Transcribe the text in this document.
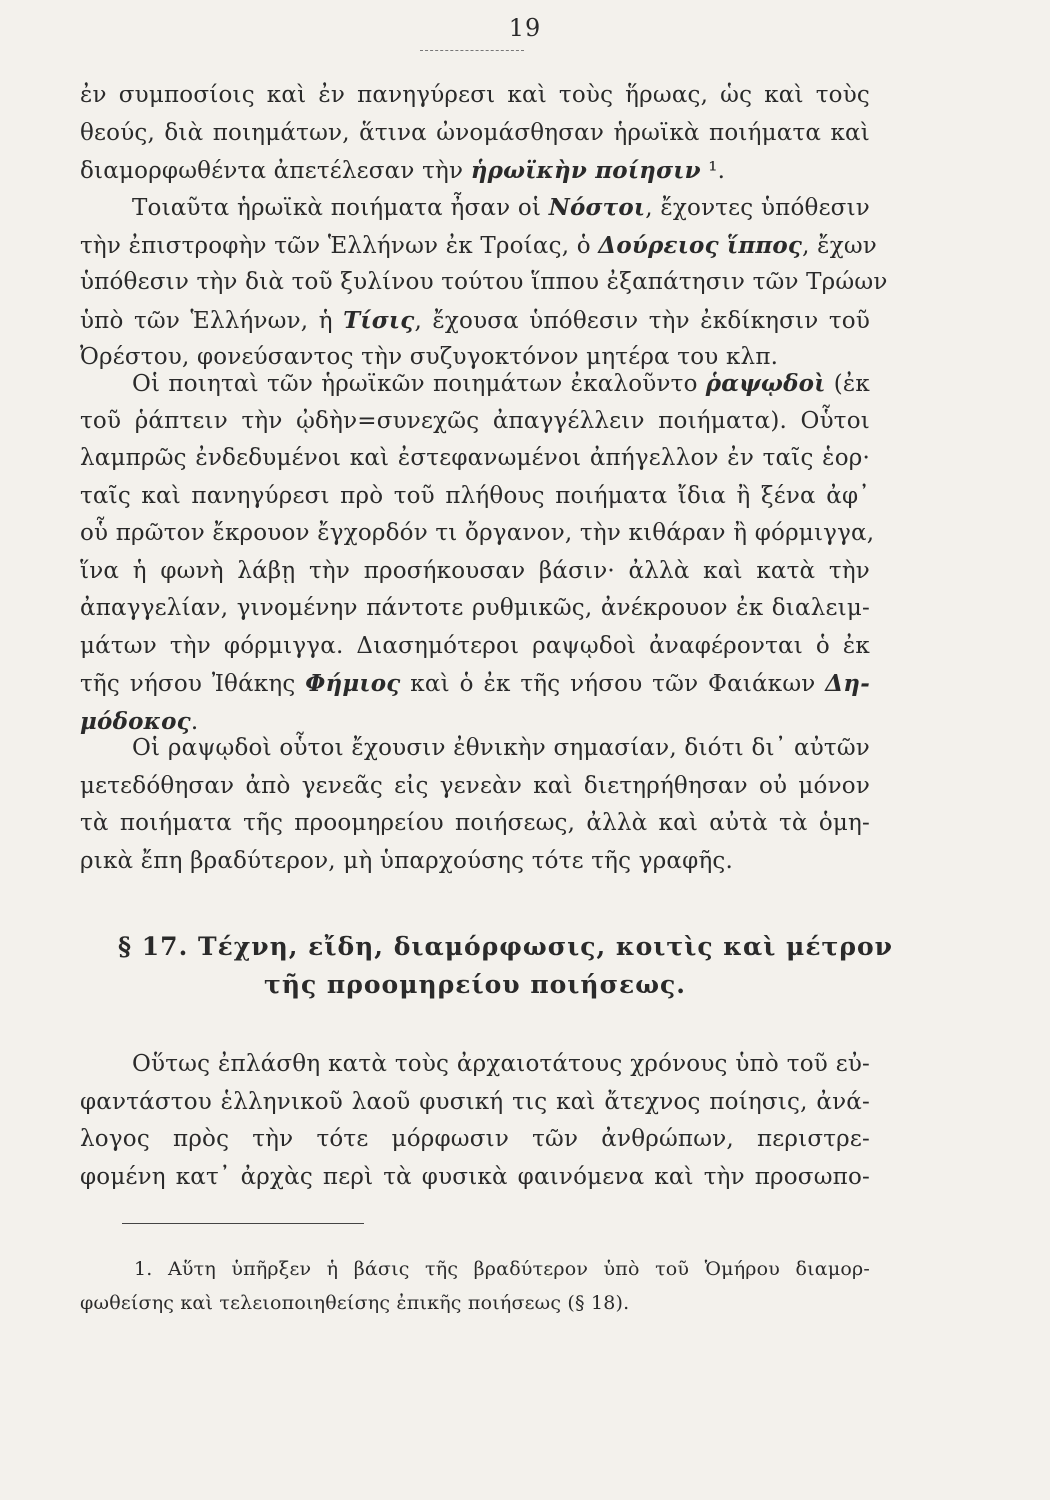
19
ἐν συμποσίοις καὶ ἐν πανηγύρεσι καὶ τοὺς ἥρωας, ὡς καὶ τοὺς
θεούς, διὰ ποιημάτων, ἅτινα ὠνομάσθησαν ἡρωϊκὰ ποιήματα καὶ
διαμορφωθέντα ἀπετέλεσαν τὴν ἡρωϊκὴν ποίησιν ¹.
Τοιαῦτα ἡρωϊκὰ ποιήματα ἦσαν οἱ Νόστοι, ἔχοντες ὑπόθεσιν
τὴν ἐπιστροφὴν τῶν Ἑλλήνων ἐκ Τροίας, ὁ Δούρειος ἵππος, ἔχων
ὑπόθεσιν τὴν διὰ τοῦ ξυλίνου τούτου ἵππου ἐξαπάτησιν τῶν Τρώων
ὑπὸ τῶν Ἑλλήνων, ἡ Τίσις, ἔχουσα ὑπόθεσιν τὴν ἐκδίκησιν τοῦ
Ὀρέστου, φονεύσαντος τὴν συζυγοκτόνον μητέρα του κλπ.
Οἱ ποιηταὶ τῶν ἡρωϊκῶν ποιημάτων ἐκαλοῦντο ῥαψῳδοὶ (ἐκ
τοῦ ῥάπτειν τὴν ᾠδὴν=συνεχῶς ἀπαγγέλλειν ποιήματα). Οὗτοι
λαμπρῶς ἐνδεδυμένοι καὶ ἐστεφανωμένοι ἀπήγελλον ἐν ταῖς ἑορ·
ταῖς καὶ πανηγύρεσι πρὸ τοῦ πλήθους ποιήματα ἴδια ἢ ξένα ἀφ᾿
οὗ πρῶτον ἔκρουον ἔγχορδόν τι ὄργανον, τὴν κιθάραν ἢ φόρμιγγα,
ἵνα ἡ φωνὴ λάβῃ τὴν προσήκουσαν βάσιν· ἀλλὰ καὶ κατὰ τὴν
ἀπαγγελίαν, γινομένην πάντοτε ρυθμικῶς, ἀνέκρουον ἐκ διαλειμ-
μάτων τὴν φόρμιγγα. Διασημότεροι ραψῳδοὶ ἀναφέρονται ὁ ἐκ
τῆς νήσου Ἰθάκης Φήμιος καὶ ὁ ἐκ τῆς νήσου τῶν Φαιάκων Δη-
μόδοκος.
Οἱ ραψῳδοὶ οὗτοι ἔχουσιν ἐθνικὴν σημασίαν, διότι δι᾿ αὐτῶν
μετεδόθησαν ἀπὸ γενεᾶς εἰς γενεὰν καὶ διετηρήθησαν οὐ μόνον
τὰ ποιήματα τῆς προομηρείου ποιήσεως, ἀλλὰ καὶ αὐτὰ τὰ ὁμη-
ρικὰ ἔπη βραδύτερον, μὴ ὑπαρχούσης τότε τῆς γραφῆς.
§ 17. Τέχνη, εἴδη, διαμόρφωσις, κοιτὶς καὶ μέτρον
τῆς προομηρείου ποιήσεως.
Οὕτως ἐπλάσθη κατὰ τοὺς ἀρχαιοτάτους χρόνους ὑπὸ τοῦ εὐ-
φαντάστου ἑλληνικοῦ λαοῦ φυσική τις καὶ ἄτεχνος ποίησις, ἀνά-
λογος πρὸς τὴν τότε μόρφωσιν τῶν ἀνθρώπων, περιστρε-
φομένη κατ᾿ ἀρχὰς περὶ τὰ φυσικὰ φαινόμενα καὶ τὴν προσωπο-
1. Αὕτη ὑπῆρξεν ἡ βάσις τῆς βραδύτερον ὑπὸ τοῦ Ὁμήρου διαμορ-
φωθείσης καὶ τελειοποιηθείσης ἐπικῆς ποιήσεως (§ 18).
